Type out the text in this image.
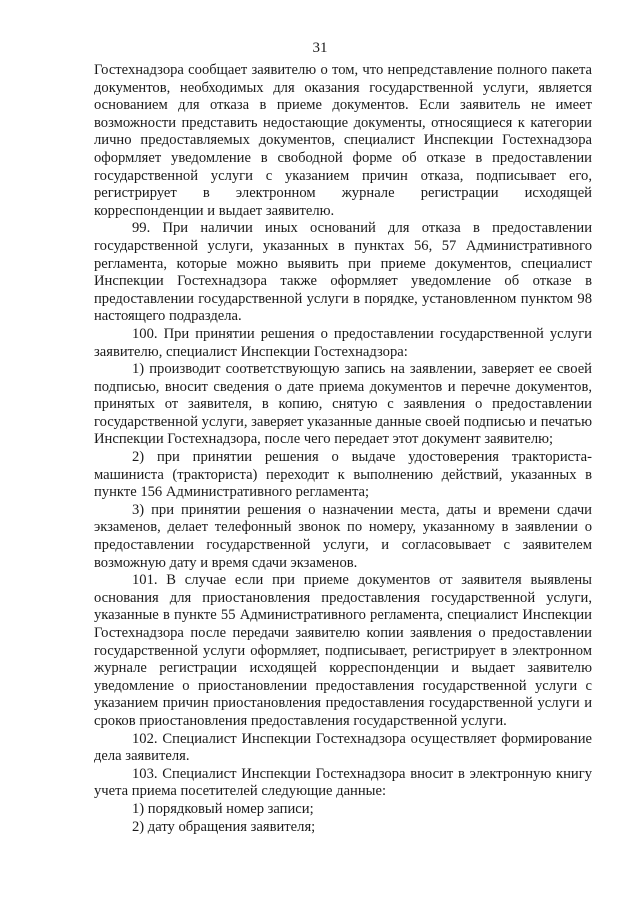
31

Гостехнадзора сообщает заявителю о том, что непредставление полного пакета документов, необходимых для оказания государственной услуги, является основанием для отказа в приеме документов. Если заявитель не имеет возможности представить недостающие документы, относящиеся к категории лично предоставляемых документов, специалист Инспекции Гостехнадзора оформляет уведомление в свободной форме об отказе в предоставлении государственной услуги с указанием причин отказа, подписывает его, регистрирует в электронном журнале регистрации исходящей корреспонденции и выдает заявителю.

99. При наличии иных оснований для отказа в предоставлении государственной услуги, указанных в пунктах 56, 57 Административного регламента, которые можно выявить при приеме документов, специалист Инспекции Гостехнадзора также оформляет уведомление об отказе в предоставлении государственной услуги в порядке, установленном пунктом 98 настоящего подраздела.

100. При принятии решения о предоставлении государственной услуги заявителю, специалист Инспекции Гостехнадзора:

1) производит соответствующую запись на заявлении, заверяет ее своей подписью, вносит сведения о дате приема документов и перечне документов, принятых от заявителя, в копию, снятую с заявления о предоставлении государственной услуги, заверяет указанные данные своей подписью и печатью Инспекции Гостехнадзора, после чего передает этот документ заявителю;

2) при принятии решения о выдаче удостоверения тракториста-машиниста (тракториста) переходит к выполнению действий, указанных в пункте 156 Административного регламента;

3) при принятии решения о назначении места, даты и времени сдачи экзаменов, делает телефонный звонок по номеру, указанному в заявлении о предоставлении государственной услуги, и согласовывает с заявителем возможную дату и время сдачи экзаменов.

101. В случае если при приеме документов от заявителя выявлены основания для приостановления предоставления государственной услуги, указанные в пункте 55 Административного регламента, специалист Инспекции Гостехнадзора после передачи заявителю копии заявления о предоставлении государственной услуги оформляет, подписывает, регистрирует в электронном журнале регистрации исходящей корреспонденции и выдает заявителю уведомление о приостановлении предоставления государственной услуги с указанием причин приостановления предоставления государственной услуги и сроков приостановления предоставления государственной услуги.

102. Специалист Инспекции Гостехнадзора осуществляет формирование дела заявителя.

103. Специалист Инспекции Гостехнадзора вносит в электронную книгу учета приема посетителей следующие данные:

1) порядковый номер записи;

2) дату обращения заявителя;
